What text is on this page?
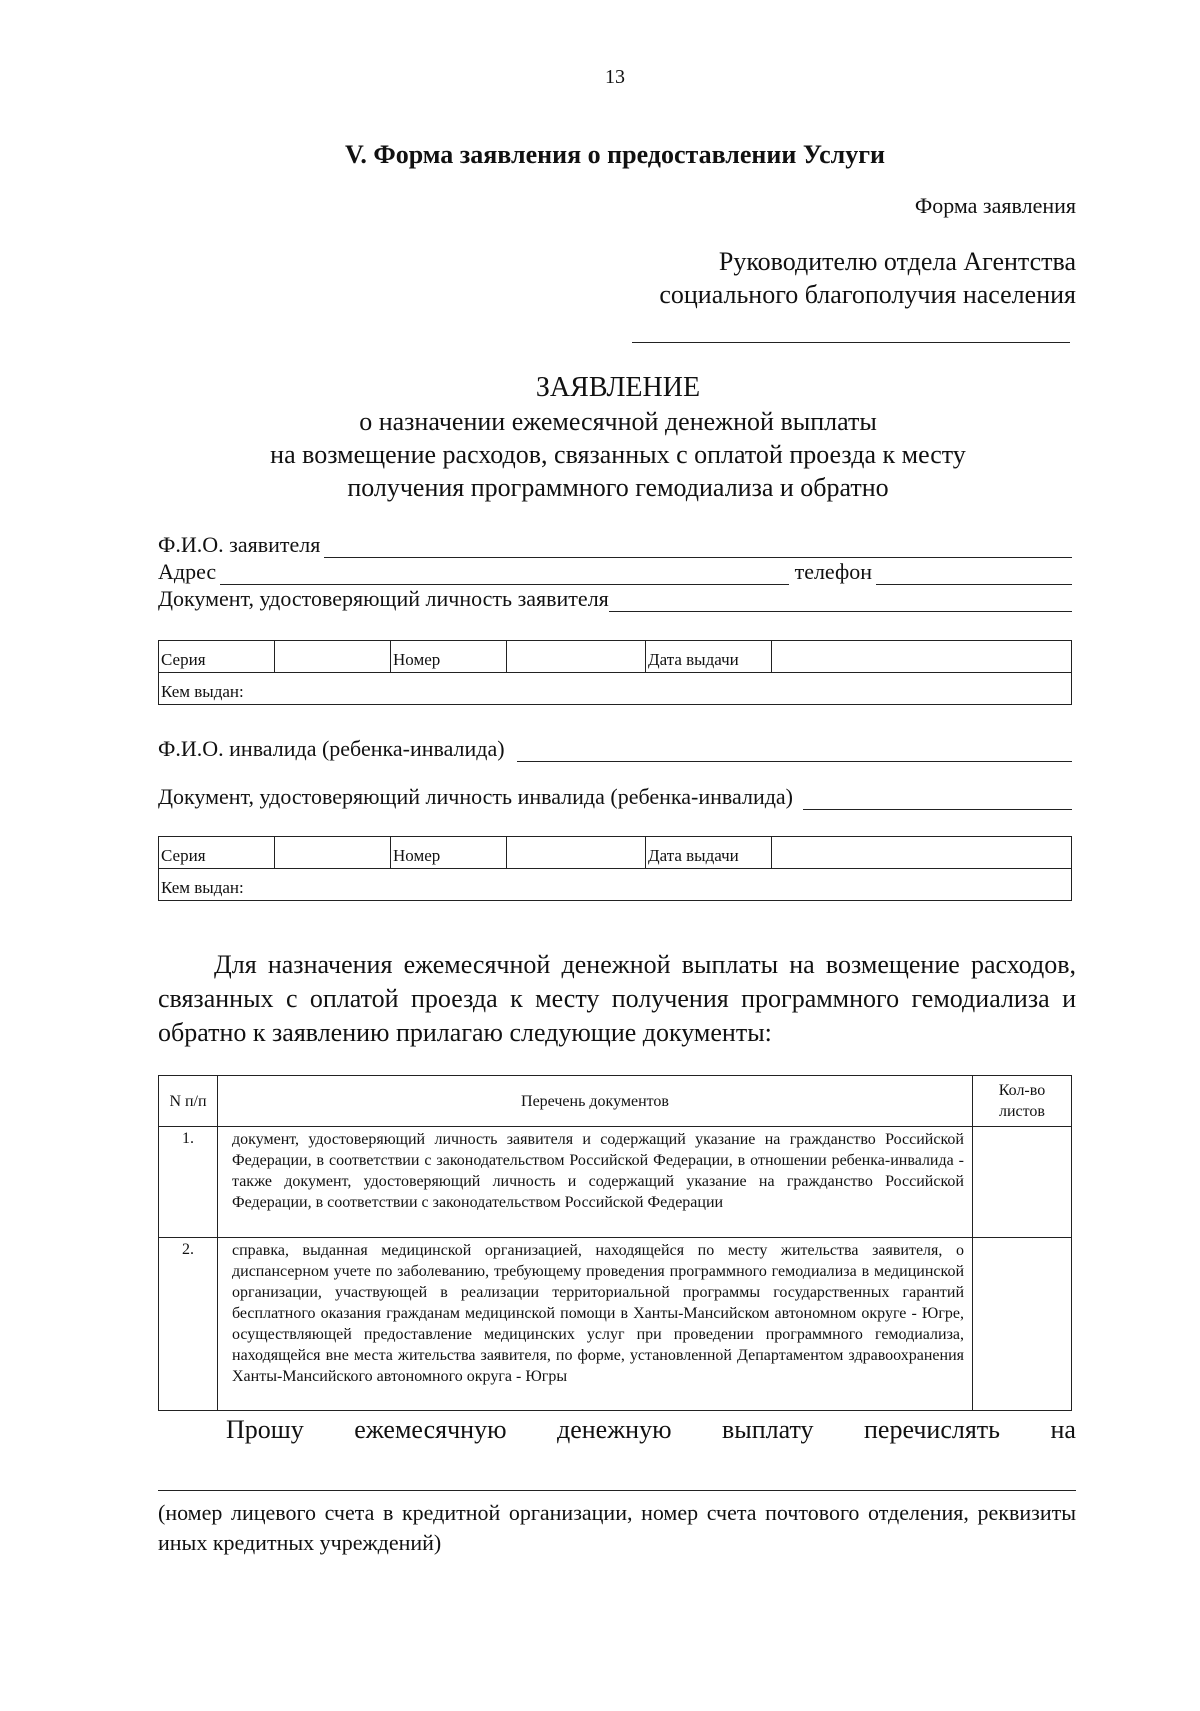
13
V. Форма заявления о предоставлении Услуги
Форма заявления
Руководителю отдела Агентства
социального благополучия населения
ЗАЯВЛЕНИЕ
о назначении ежемесячной денежной выплаты
на возмещение расходов, связанных с оплатой проезда к месту
получения программного гемодиализа и обратно
Ф.И.О. заявителя
Адрес	телефон
Документ, удостоверяющий личность заявителя
Серия		Номер		Дата выдачи	
Кем выдан:
Ф.И.О. инвалида (ребенка-инвалида)
Документ, удостоверяющий личность инвалида (ребенка-инвалида)
Серия		Номер		Дата выдачи	
Кем выдан:
Для назначения ежемесячной денежной выплаты на возмещение расходов, связанных с оплатой проезда к месту получения программного гемодиализа и обратно к заявлению прилагаю следующие документы:
N п/п	Перечень документов	Кол-во листов
1.	документ, удостоверяющий личность заявителя и содержащий указание на гражданство Российской Федерации, в соответствии с законодательством Российской Федерации, в отношении ребенка-инвалида - также документ, удостоверяющий личность и содержащий указание на гражданство Российской Федерации, в соответствии с законодательством Российской Федерации	
2.	справка, выданная медицинской организацией, находящейся по месту жительства заявителя, о диспансерном учете по заболеванию, требующему проведения программного гемодиализа в медицинской организации, участвующей в реализации территориальной программы государственных гарантий бесплатного оказания гражданам медицинской помощи в Ханты-Мансийском автономном округе - Югре, осуществляющей предоставление медицинских услуг при проведении программного гемодиализа, находящейся вне места жительства заявителя, по форме, установленной Департаментом здравоохранения Ханты-Мансийского автономного округа - Югры	
Прошу ежемесячную денежную выплату перечислять на
(номер лицевого счета в кредитной организации, номер счета почтового отделения, реквизиты иных кредитных учреждений)
